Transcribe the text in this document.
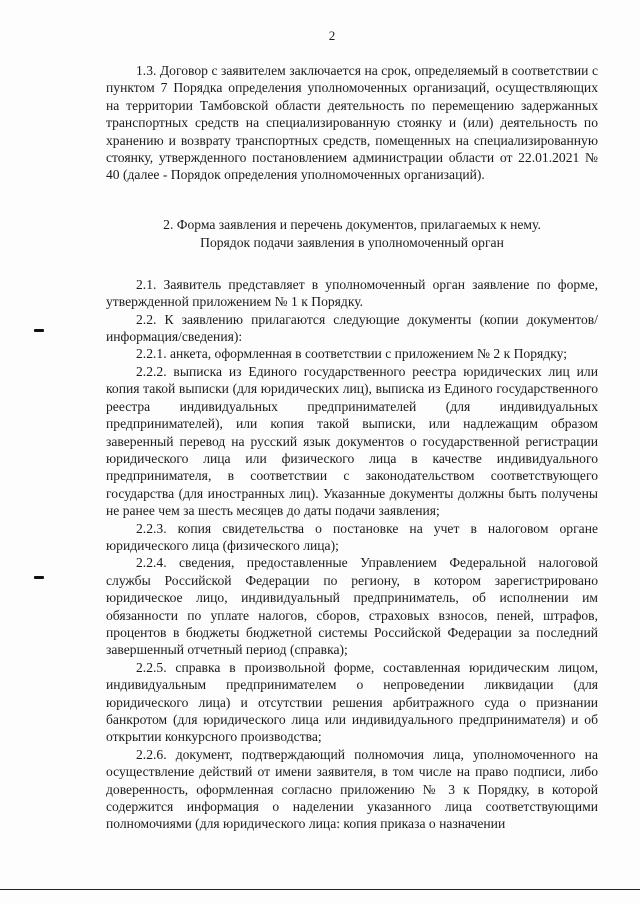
2

1.3. Договор с заявителем заключается на срок, определяемый в соответствии с пунктом 7 Порядка определения уполномоченных организаций, осуществляющих на территории Тамбовской области деятельность по перемещению задержанных транспортных средств на специализированную стоянку и (или) деятельность по хранению и возврату транспортных средств, помещенных на специализированную стоянку, утвержденного постановлением администрации области от 22.01.2021 № 40 (далее - Порядок определения уполномоченных организаций).

2. Форма заявления и перечень документов, прилагаемых к нему.
Порядок подачи заявления в уполномоченный орган

2.1. Заявитель представляет в уполномоченный орган заявление по форме, утвержденной приложением № 1 к Порядку.

2.2. К заявлению прилагаются следующие документы (копии документов/информация/сведения):

2.2.1. анкета, оформленная в соответствии с приложением № 2 к Порядку;

2.2.2. выписка из Единого государственного реестра юридических лиц или копия такой выписки (для юридических лиц), выписка из Единого государственного реестра индивидуальных предпринимателей (для индивидуальных предпринимателей), или копия такой выписки, или надлежащим образом заверенный перевод на русский язык документов о государственной регистрации юридического лица или физического лица в качестве индивидуального предпринимателя, в соответствии с законодательством соответствующего государства (для иностранных лиц). Указанные документы должны быть получены не ранее чем за шесть месяцев до даты подачи заявления;

2.2.3. копия свидетельства о постановке на учет в налоговом органе юридического лица (физического лица);

2.2.4. сведения, предоставленные Управлением Федеральной налоговой службы Российской Федерации по региону, в котором зарегистрировано юридическое лицо, индивидуальный предприниматель, об исполнении им обязанности по уплате налогов, сборов, страховых взносов, пеней, штрафов, процентов в бюджеты бюджетной системы Российской Федерации за последний завершенный отчетный период (справка);

2.2.5. справка в произвольной форме, составленная юридическим лицом, индивидуальным предпринимателем о непроведении ликвидации (для юридического лица) и отсутствии решения арбитражного суда о признании банкротом (для юридического лица или индивидуального предпринимателя) и об открытии конкурсного производства;

2.2.6. документ, подтверждающий полномочия лица, уполномоченного на осуществление действий от имени заявителя, в том числе на право подписи, либо доверенность, оформленная согласно приложению № 3 к Порядку, в которой содержится информация о наделении указанного лица соответствующими полномочиями (для юридического лица: копия приказа о назначении
